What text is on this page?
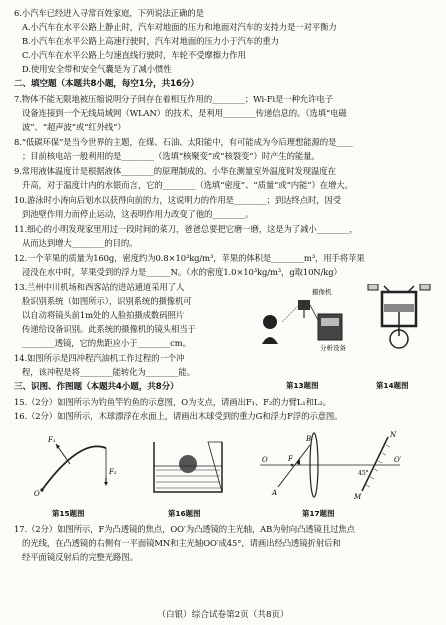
6.小汽车已经进入寻常百姓家庭，下列说法正确的是
A.小汽车在水平公路上静止时，汽车对地面的压力和地面对汽车的支持力是一对平衡力
B.小汽车在水平公路上高速行驶时，汽车对地面的压力小于汽车的重力
C.小汽车在水平公路上匀速直线行驶时，车轮不受摩擦力作用
D.使用安全带和安全气囊是为了减小惯性
二、填空题（本题共8小题，每空1分，共16分）
7.物体不能无限地被压缩说明分子间存在着相互作用的________；Wi-Fi是一种允许电子
设备连接到一个无线局域网（WLAN）的技术，是利用________传递信息的。（选填“电磁
波”、“超声波”或“红外线”）
8.“低碳环保”是当今世界的主题，在煤、石油、太阳能中，有可能成为今后理想能源的是____
；目前核电站一般利用的是________（选填“核聚变”或“核裂变”）时产生的能量。
9.常用液体温度计是根据液体________的原理制成的。小华在测量室外温度时发现温度在
升高，对于温度计内的水银而言，它的________（选填“密度”、“质量”或“内能”）在增大。
10.游泳时小涛向后划水以获得向前的力，这说明力的作用是________；到达终点时，因受
到池壁作用力而停止运动，这表明作用力改变了他的________。
11.细心的小明发现家里用过一段时间的菜刀，爸爸总要把它磨一磨，这是为了减小________，
从而达到增大________的目的。
12.一个苹果的质量为160g，密度约为0.8×10³kg/m³，苹果的体积是________m³，用手将苹果
浸没在水中时，苹果受到的浮力是______N。（水的密度1.0×10³kg/m³，g取10N/kg）
13.兰州中川机场和西客站的进站通道采用了人
脸识别系统（如图所示），识别系统的摄像机可
以自动将镜头前1m处的人脸拍摄成数码照片
传递给设备识别。此系统的摄像机的镜头相当于
________透镜，它的焦距应小于________cm。
14.如图所示是四冲程汽油机工作过程的一个冲
程，该冲程是将________能转化为________能。
摄像机
分析设备
第13题图	第14题图
三、识图、作图题（本题共4小题，共8分）
15.（2分）如图所示为钓鱼竿钓鱼的示意图，O为支点，请画出F₁、F₂的力臂L₁和L₂。
16.（2分）如图所示，木球漂浮在水面上，请画出木球受到的重力G和浮力F浮的示意图。
F₁
F₂
O
O	F
B
A
O′
N
M
45°
第15题图	第16题图	第17题图
17.（2分）如图所示，F为凸透镜的焦点，OO′为凸透镜的主光轴，AB为射向凸透镜且过焦点
的光线，在凸透镜的右侧有一平面镜MN和主光轴OO′成45°，请画出经凸透镜折射后和
经平面镜反射后的完整光路图。
（白银）综合试卷第2页（共8页）
